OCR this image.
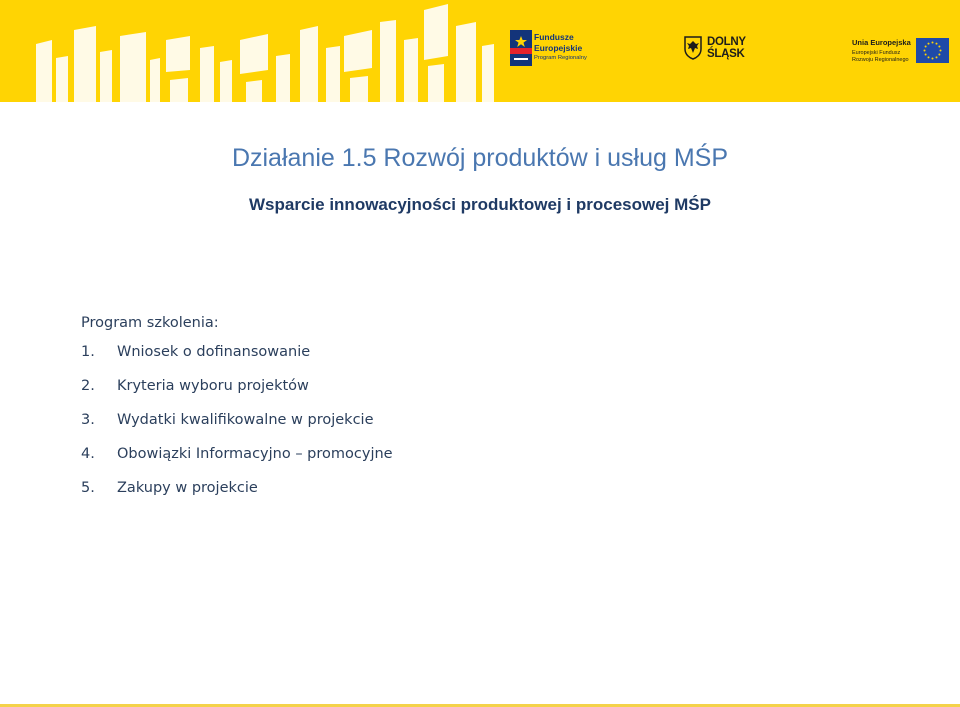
Fundusze
Europejskie
Program Regionalny
DOLNY
ŚLĄSK
Unia Europejska
Europejski Fundusz
Rozwoju Regionalnego
Działanie 1.5 Rozwój produktów i usług MŚP
Wsparcie innowacyjności produktowej i procesowej MŚP
Program szkolenia:
1.	Wniosek o dofinansowanie
2.	Kryteria wyboru projektów
3.	Wydatki kwalifikowalne w projekcie
4.	Obowiązki Informacyjno – promocyjne
5.	Zakupy w projekcie
